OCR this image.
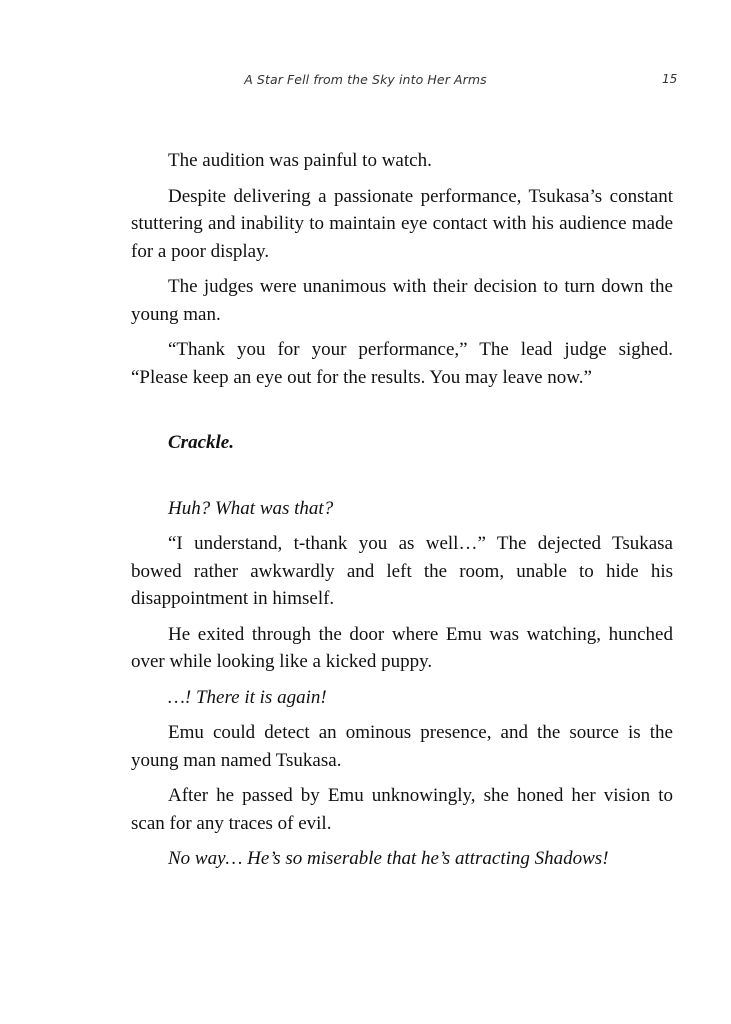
A Star Fell from the Sky into Her Arms	15

The audition was painful to watch.

Despite delivering a passionate performance, Tsukasa’s constant stuttering and inability to maintain eye contact with his audience made for a poor display.

The judges were unanimous with their decision to turn down the young man.

“Thank you for your performance,” The lead judge sighed. “Please keep an eye out for the results. You may leave now.”

Crackle.

Huh? What was that?

“I understand, t-thank you as well…” The dejected Tsukasa bowed rather awkwardly and left the room, unable to hide his disappointment in himself.

He exited through the door where Emu was watching, hunched over while looking like a kicked puppy.

…! There it is again!

Emu could detect an ominous presence, and the source is the young man named Tsukasa.

After he passed by Emu unknowingly, she honed her vision to scan for any traces of evil.

No way… He’s so miserable that he’s attracting Shadows!
